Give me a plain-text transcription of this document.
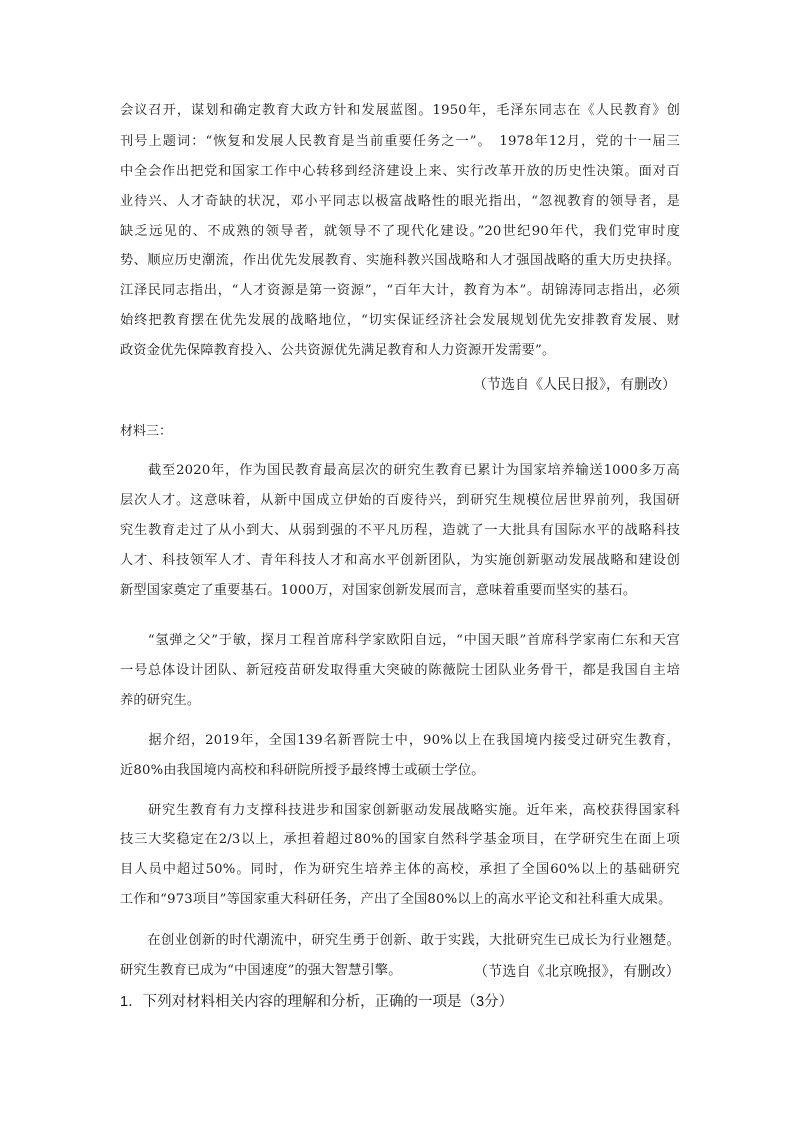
会议召开，谋划和确定教育大政方针和发展蓝图。1950年，毛泽东同志在《人民教育》创
刊号上题词：“恢复和发展人民教育是当前重要任务之一”。　1978年12月，党的十一届三
中全会作出把党和国家工作中心转移到经济建设上来、实行改革开放的历史性决策。面对百
业待兴、人才奇缺的状况，邓小平同志以极富战略性的眼光指出，“忽视教育的领导者，是
缺乏远见的、不成熟的领导者，就领导不了现代化建设。”20世纪90年代，我们党审时度
势、顺应历史潮流，作出优先发展教育、实施科教兴国战略和人才强国战略的重大历史抉择。
江泽民同志指出，“人才资源是第一资源”，“百年大计，教育为本”。胡锦涛同志指出，必须
始终把教育摆在优先发展的战略地位，“切实保证经济社会发展规划优先安排教育发展、财
政资金优先保障教育投入、公共资源优先满足教育和人力资源开发需要”。
（节选自《人民日报》，有删改）
材料三：
　　截至2020年，作为国民教育最高层次的研究生教育已累计为国家培养输送1000多万高
层次人才。这意味着，从新中国成立伊始的百废待兴，到研究生规模位居世界前列，我国研
究生教育走过了从小到大、从弱到强的不平凡历程，造就了一大批具有国际水平的战略科技
人才、科技领军人才、青年科技人才和高水平创新团队，为实施创新驱动发展战略和建设创
新型国家奠定了重要基石。1000万，对国家创新发展而言，意味着重要而坚实的基石。
　　“氢弹之父”于敏，探月工程首席科学家欧阳自远，“中国天眼”首席科学家南仁东和天宫
一号总体设计团队、新冠疫苗研发取得重大突破的陈薇院士团队业务骨干，都是我国自主培
养的研究生。
　　据介绍，2019年，全国139名新晋院士中，90%以上在我国境内接受过研究生教育，
近80%由我国境内高校和科研院所授予最终博士或硕士学位。
　　研究生教育有力支撑科技进步和国家创新驱动发展战略实施。近年来，高校获得国家科
技三大奖稳定在2/3以上，承担着超过80%的国家自然科学基金项目，在学研究生在面上项
目人员中超过50%。同时，作为研究生培养主体的高校，承担了全国60%以上的基础研究
工作和“973项目”等国家重大科研任务，产出了全国80%以上的高水平论文和社科重大成果。
　　在创业创新的时代潮流中，研究生勇于创新、敢于实践，大批研究生已成长为行业翘楚。
研究生教育已成为“中国速度”的强大智慧引擎。	（节选自《北京晚报》，有删改）
1．下列对材料相关内容的理解和分析，正确的一项是（3分）
